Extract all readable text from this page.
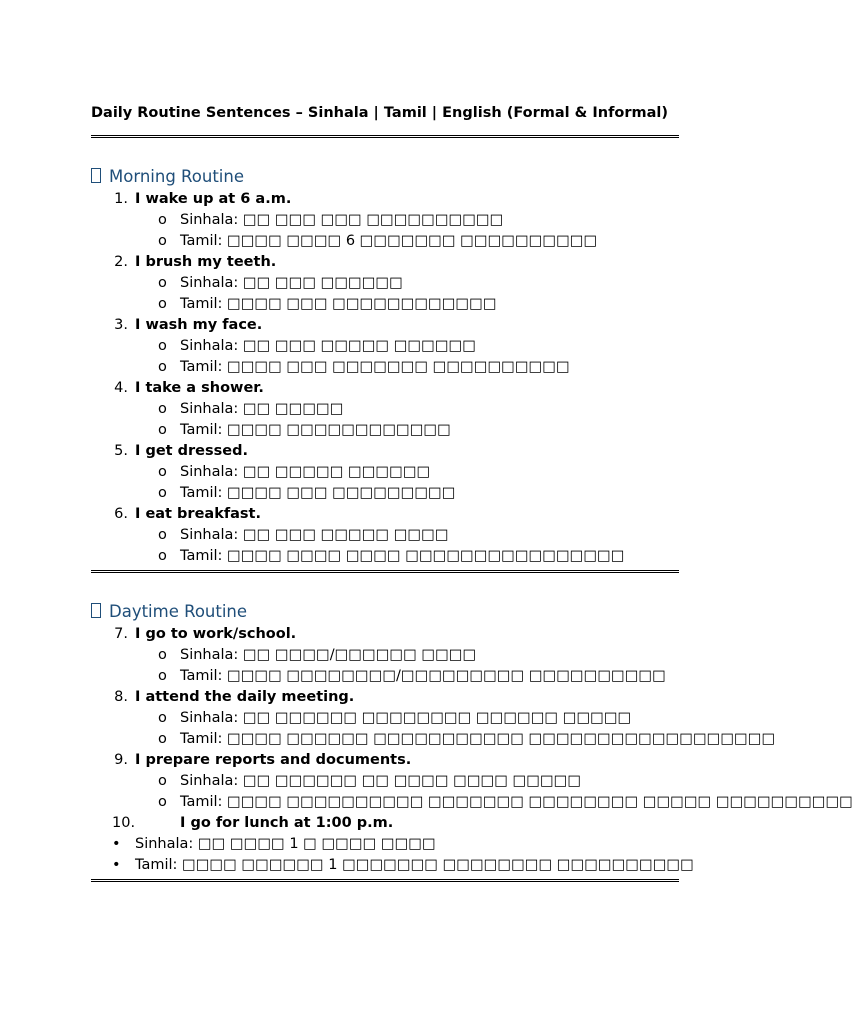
Daily Routine Sentences – Sinhala | Tamil | English (Formal & Informal)
Morning Routine
1. I wake up at 6 a.m.
o Sinhala: □□ □□□ □□□ □□□□□□□□□□
o Tamil: □□□□ □□□□ 6 □□□□□□□ □□□□□□□□□□
2. I brush my teeth.
o Sinhala: □□ □□□ □□□□□□
o Tamil: □□□□ □□□ □□□□□□□□□□□□
3. I wash my face.
o Sinhala: □□ □□□ □□□□□ □□□□□□
o Tamil: □□□□ □□□ □□□□□□□ □□□□□□□□□□
4. I take a shower.
o Sinhala: □□ □□□□□
o Tamil: □□□□ □□□□□□□□□□□□
5. I get dressed.
o Sinhala: □□ □□□□□ □□□□□□
o Tamil: □□□□ □□□ □□□□□□□□□
6. I eat breakfast.
o Sinhala: □□ □□□ □□□□□ □□□□
o Tamil: □□□□ □□□□ □□□□ □□□□□□□□□□□□□□□□
Daytime Routine
7. I go to work/school.
o Sinhala: □□ □□□□/□□□□□□ □□□□
o Tamil: □□□□ □□□□□□□□/□□□□□□□□□ □□□□□□□□□□
8. I attend the daily meeting.
o Sinhala: □□ □□□□□□ □□□□□□□□ □□□□□□ □□□□□
o Tamil: □□□□ □□□□□□ □□□□□□□□□□□ □□□□□□□□□□□□□□□□□□
9. I prepare reports and documents.
o Sinhala: □□ □□□□□□ □□ □□□□ □□□□ □□□□□
o Tamil: □□□□ □□□□□□□□□□ □□□□□□□ □□□□□□□□ □□□□□ □□□□□□□□□□
10.	I go for lunch at 1:00 p.m.
• Sinhala: □□ □□□□ 1 □ □□□□ □□□□
• Tamil: □□□□ □□□□□□ 1 □□□□□□□ □□□□□□□□ □□□□□□□□□□
